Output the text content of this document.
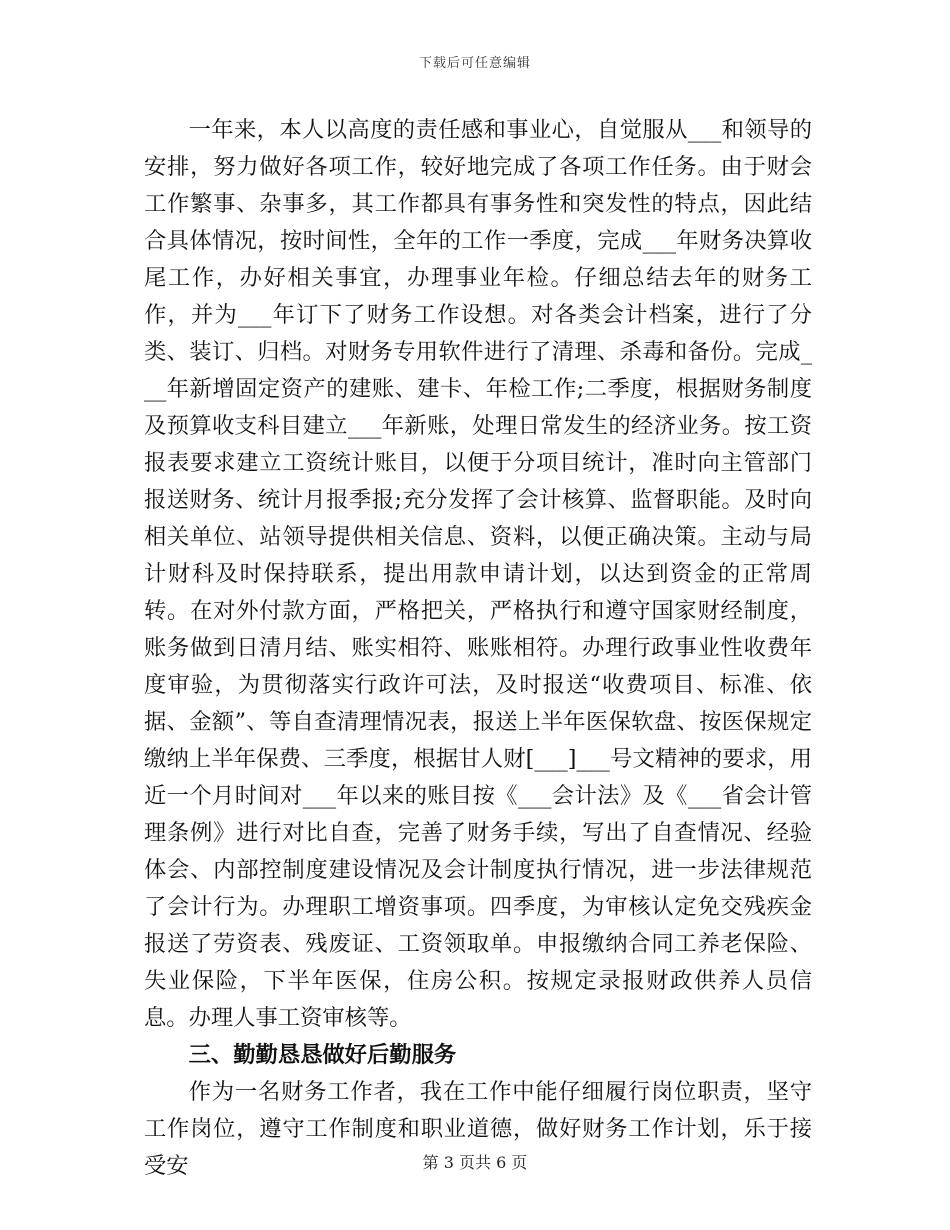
下载后可任意编辑

一年来，本人以高度的责任感和事业心，自觉服从___和领导的安排，努力做好各项工作，较好地完成了各项工作任务。由于财会工作繁事、杂事多，其工作都具有事务性和突发性的特点，因此结合具体情况，按时间性，全年的工作一季度，完成___年财务决算收尾工作，办好相关事宜，办理事业年检。仔细总结去年的财务工作，并为___年订下了财务工作设想。对各类会计档案，进行了分类、装订、归档。对财务专用软件进行了清理、杀毒和备份。完成___年新增固定资产的建账、建卡、年检工作;二季度，根据财务制度及预算收支科目建立___年新账，处理日常发生的经济业务。按工资报表要求建立工资统计账目，以便于分项目统计，准时向主管部门报送财务、统计月报季报;充分发挥了会计核算、监督职能。及时向相关单位、站领导提供相关信息、资料，以便正确决策。主动与局计财科及时保持联系，提出用款申请计划，以达到资金的正常周转。在对外付款方面，严格把关，严格执行和遵守国家财经制度，账务做到日清月结、账实相符、账账相符。办理行政事业性收费年度审验，为贯彻落实行政许可法，及时报送“收费项目、标准、依据、金额”、等自查清理情况表，报送上半年医保软盘、按医保规定缴纳上半年保费、三季度，根据甘人财[___]___号文精神的要求，用近一个月时间对___年以来的账目按《___会计法》及《___省会计管理条例》进行对比自查，完善了财务手续，写出了自查情况、经验体会、内部控制度建设情况及会计制度执行情况，进一步法律规范了会计行为。办理职工增资事项。四季度，为审核认定免交残疾金报送了劳资表、残废证、工资领取单。申报缴纳合同工养老保险、失业保险，下半年医保，住房公积。按规定录报财政供养人员信息。办理人事工资审核等。

三、勤勤恳恳做好后勤服务

作为一名财务工作者，我在工作中能仔细履行岗位职责，坚守工作岗位，遵守工作制度和职业道德，做好财务工作计划，乐于接受安	第 3 页共 6 页
